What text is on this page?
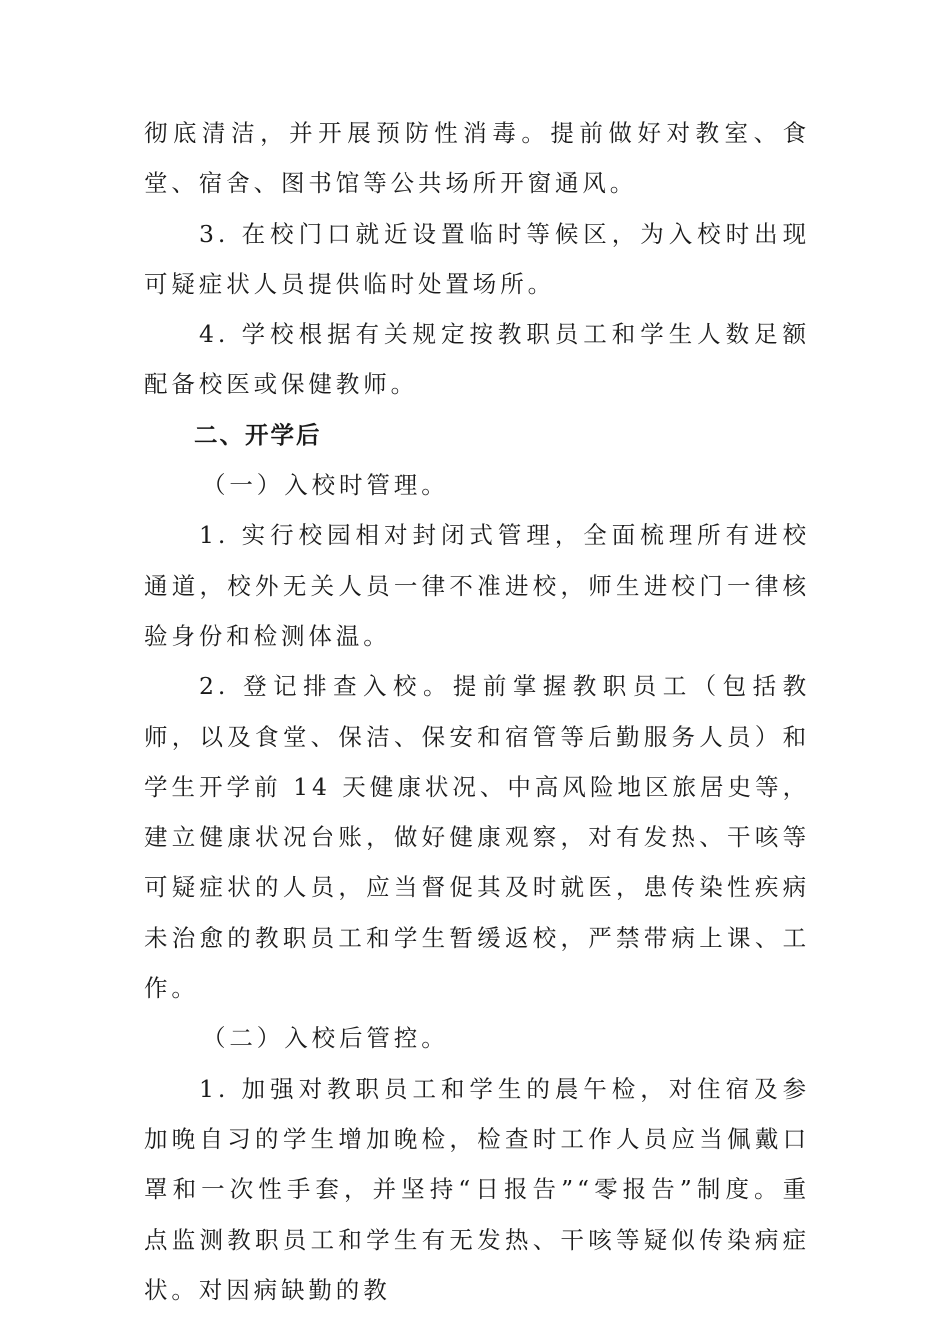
彻底清洁，并开展预防性消毒。提前做好对教室、食堂、宿舍、图书馆等公共场所开窗通风。

3. 在校门口就近设置临时等候区，为入校时出现可疑症状人员提供临时处置场所。

4. 学校根据有关规定按教职员工和学生人数足额配备校医或保健教师。

二、开学后

（一）入校时管理。

1. 实行校园相对封闭式管理，全面梳理所有进校通道，校外无关人员一律不准进校，师生进校门一律核验身份和检测体温。

2. 登记排查入校。提前掌握教职员工（包括教师，以及食堂、保洁、保安和宿管等后勤服务人员）和学生开学前 14 天健康状况、中高风险地区旅居史等，建立健康状况台账，做好健康观察，对有发热、干咳等可疑症状的人员，应当督促其及时就医，患传染性疾病未治愈的教职员工和学生暂缓返校，严禁带病上课、工作。

（二）入校后管控。

1. 加强对教职员工和学生的晨午检，对住宿及参加晚自习的学生增加晚检，检查时工作人员应当佩戴口罩和一次性手套，并坚持“日报告”“零报告”制度。重点监测教职员工和学生有无发热、干咳等疑似传染病症状。对因病缺勤的教
